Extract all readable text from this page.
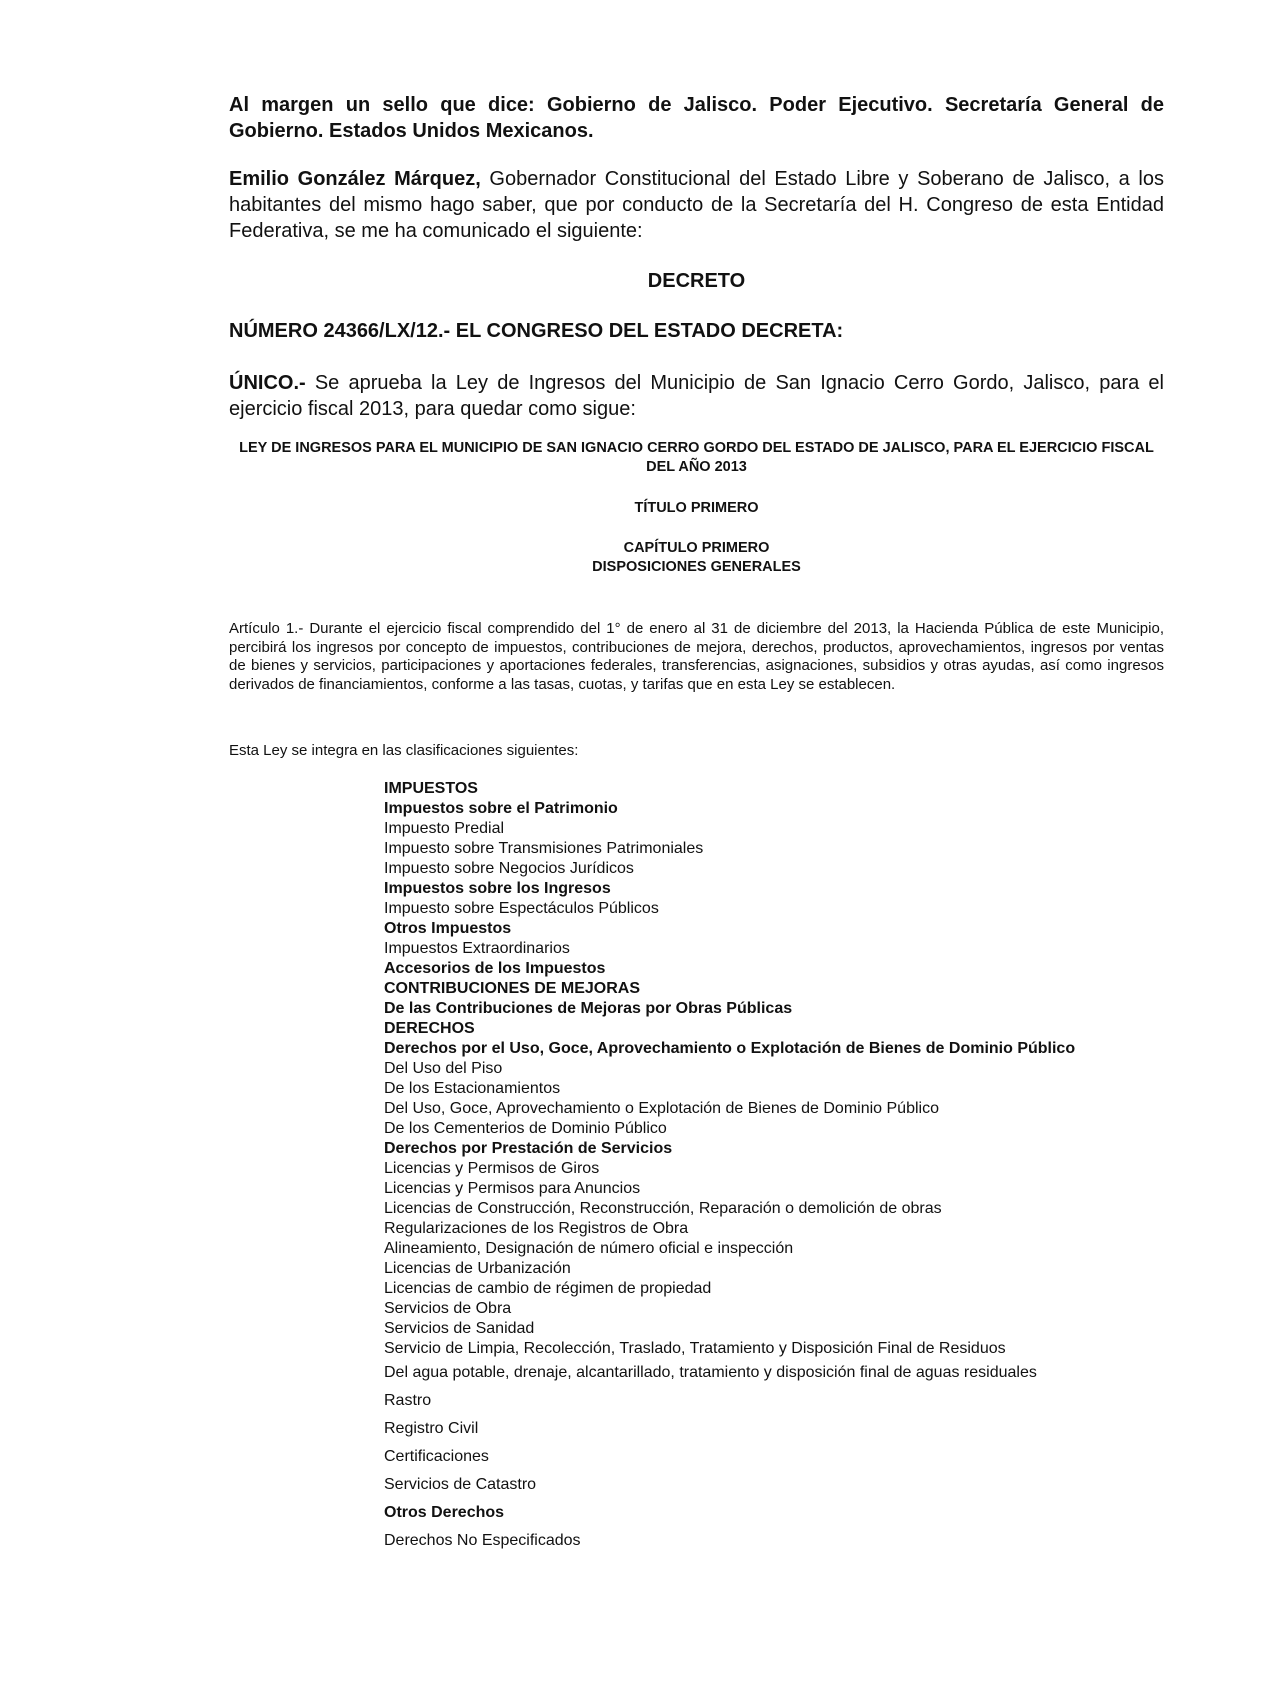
Al margen un sello que dice: Gobierno de Jalisco. Poder Ejecutivo. Secretaría General de Gobierno. Estados Unidos Mexicanos.

Emilio González Márquez, Gobernador Constitucional del Estado Libre y Soberano de Jalisco, a los habitantes del mismo hago saber, que por conducto de la Secretaría del H. Congreso de esta Entidad Federativa, se me ha comunicado el siguiente:

DECRETO

NÚMERO 24366/LX/12.- EL CONGRESO DEL ESTADO DECRETA:

ÚNICO.- Se aprueba la Ley de Ingresos del Municipio de San Ignacio Cerro Gordo, Jalisco, para el ejercicio fiscal 2013, para quedar como sigue:

LEY DE INGRESOS PARA EL MUNICIPIO DE SAN IGNACIO CERRO GORDO DEL ESTADO DE JALISCO, PARA EL EJERCICIO FISCAL DEL AÑO 2013

TÍTULO PRIMERO

CAPÍTULO PRIMERO

DISPOSICIONES GENERALES

Artículo 1.- Durante el ejercicio fiscal comprendido del 1° de enero al 31 de diciembre del 2013, la Hacienda Pública de este Municipio, percibirá los ingresos por concepto de impuestos, contribuciones de mejora, derechos, productos, aprovechamientos, ingresos por ventas de bienes y servicios, participaciones y aportaciones federales, transferencias, asignaciones, subsidios y otras ayudas, así como ingresos derivados de financiamientos, conforme a las tasas, cuotas, y tarifas que en esta Ley se establecen.

Esta Ley se integra en las clasificaciones siguientes:

IMPUESTOS

Impuestos sobre el Patrimonio

Impuesto Predial

Impuesto sobre Transmisiones Patrimoniales

Impuesto sobre Negocios Jurídicos

Impuestos sobre los Ingresos

Impuesto sobre Espectáculos Públicos

Otros Impuestos

Impuestos Extraordinarios

Accesorios de los Impuestos

CONTRIBUCIONES DE MEJORAS

De las Contribuciones de Mejoras por Obras Públicas

DERECHOS

Derechos por el Uso, Goce, Aprovechamiento o Explotación de Bienes de Dominio Público

Del Uso del Piso

De los Estacionamientos

Del Uso, Goce, Aprovechamiento o Explotación de Bienes de Dominio Público

De los Cementerios de Dominio Público

Derechos por Prestación de Servicios

Licencias y Permisos de Giros

Licencias y Permisos para Anuncios

Licencias de Construcción, Reconstrucción, Reparación o demolición de obras

Regularizaciones de los Registros de Obra

Alineamiento, Designación de número oficial e inspección

Licencias de Urbanización

Licencias de cambio de régimen de propiedad

Servicios de Obra

Servicios de Sanidad

Servicio de Limpia, Recolección, Traslado, Tratamiento y Disposición Final de Residuos

Del agua potable, drenaje, alcantarillado, tratamiento y disposición final de aguas residuales

Rastro

Registro Civil

Certificaciones

Servicios de Catastro

Otros Derechos

Derechos No Especificados
